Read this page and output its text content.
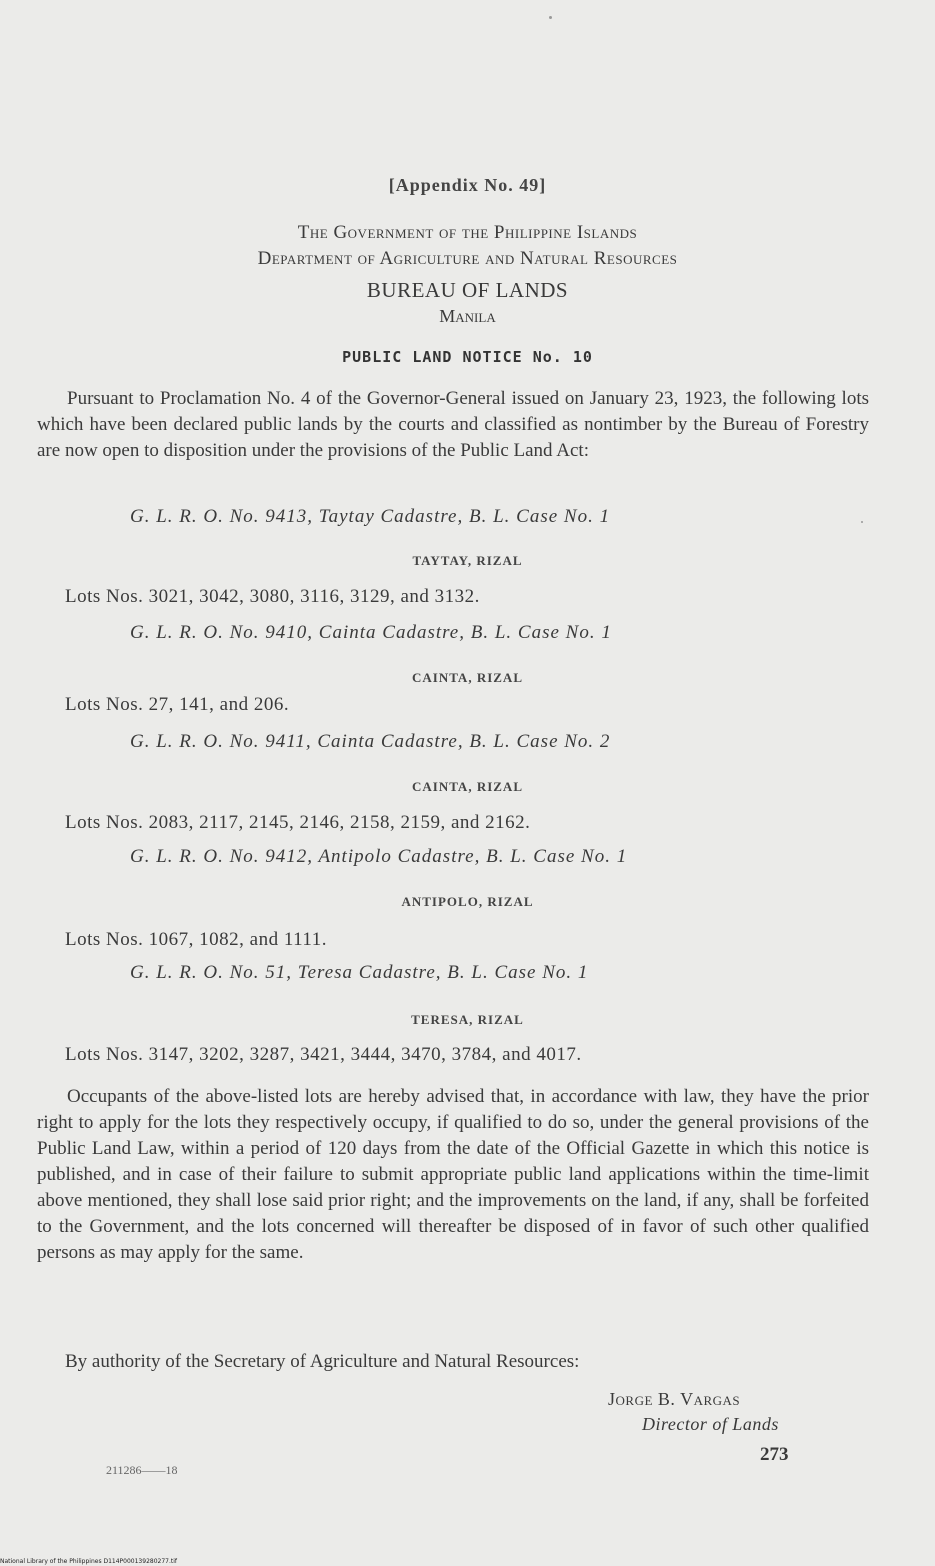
[Appendix No. 49]
The Government of the Philippine Islands
Department of Agriculture and Natural Resources
BUREAU OF LANDS
Manila
PUBLIC LAND NOTICE No. 10
Pursuant to Proclamation No. 4 of the Governor-General issued on January 23, 1923, the following lots which have been declared public lands by the courts and classified as nontimber by the Bureau of Forestry are now open to disposition under the provisions of the Public Land Act:
G. L. R. O. No. 9413, Taytay Cadastre, B. L. Case No. 1
TAYTAY, RIZAL
Lots Nos. 3021, 3042, 3080, 3116, 3129, and 3132.
G. L. R. O. No. 9410, Cainta Cadastre, B. L. Case No. 1
CAINTA, RIZAL
Lots Nos. 27, 141, and 206.
G. L. R. O. No. 9411, Cainta Cadastre, B. L. Case No. 2
CAINTA, RIZAL
Lots Nos. 2083, 2117, 2145, 2146, 2158, 2159, and 2162.
G. L. R. O. No. 9412, Antipolo Cadastre, B. L. Case No. 1
ANTIPOLO, RIZAL
Lots Nos. 1067, 1082, and 1111.
G. L. R. O. No. 51, Teresa Cadastre, B. L. Case No. 1
TERESA, RIZAL
Lots Nos. 3147, 3202, 3287, 3421, 3444, 3470, 3784, and 4017.
Occupants of the above-listed lots are hereby advised that, in accordance with law, they have the prior right to apply for the lots they respectively occupy, if qualified to do so, under the general provisions of the Public Land Law, within a period of 120 days from the date of the Official Gazette in which this notice is published, and in case of their failure to submit appropriate public land applications within the time-limit above mentioned, they shall lose said prior right; and the improvements on the land, if any, shall be forfeited to the Government, and the lots concerned will thereafter be disposed of in favor of such other qualified persons as may apply for the same.
By authority of the Secretary of Agriculture and Natural Resources:
Jorge B. Vargas
Director of Lands
273
211286——18
National Library of the Philippines D114P000139280277.tif
